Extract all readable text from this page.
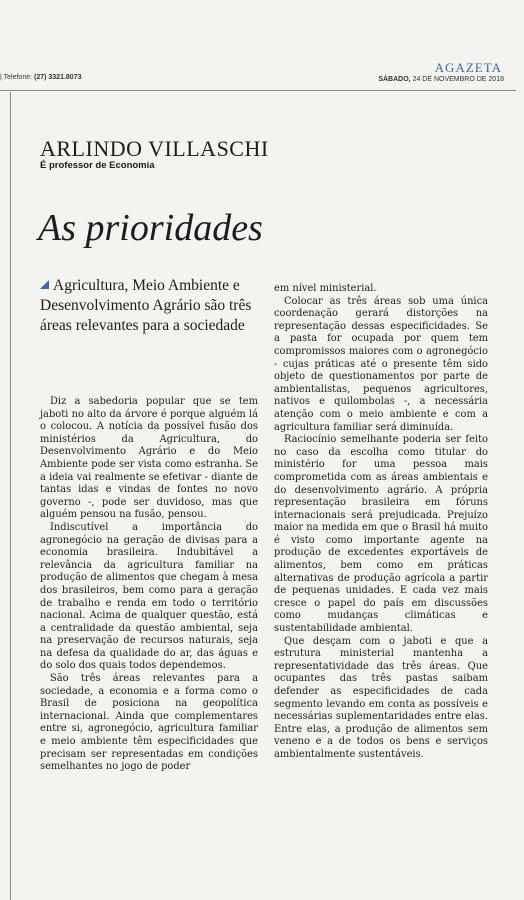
AGAZETA
SÁBADO, 24 DE NOVEMBRO DE 2018
| Telefone: (27) 3321.8073
ARLINDO VILLASCHI
É professor de Economia
As prioridades
Agricultura, Meio Ambiente e Desenvolvimento Agrário são três áreas relevantes para a sociedade

Diz a sabedoria popular que se tem jaboti no alto da árvore é porque alguém lá o colocou. A notícia da possível fusão dos ministérios da Agricultura, do Desenvolvimento Agrário e do Meio Ambiente pode ser vista como estranha. Se a ideia vai realmente se efetivar - diante de tantas idas e vindas de fontes no novo governo -, pode ser duvidoso, mas que alguém pensou na fusão, pensou.

Indiscutível a importância do agronegócio na geração de divisas para a economia brasileira. Indubitável a relevância da agricultura familiar na produção de alimentos que chegam à mesa dos brasileiros, bem como para a geração de trabalho e renda em todo o território nacional. Acima de qualquer questão, está a centralidade da questão ambiental, seja na preservação de recursos naturais, seja na defesa da qualidade do ar, das águas e do solo dos quais todos dependemos.

São três áreas relevantes para a sociedade, a economia e a forma como o Brasil de posiciona na geopolítica internacional. Ainda que complementares entre si, agronegócio, agricultura familiar e meio ambiente têm especificidades que precisam ser representadas em condições semelhantes no jogo de poder

em nível ministerial.

Colocar as três áreas sob uma única coordenação gerará distorções na representação dessas especificidades. Se a pasta for ocupada por quem tem compromissos maiores com o agronegócio - cujas práticas até o presente têm sido objeto de questionamentos por parte de ambientalistas, pequenos agricultores, nativos e quilombolas -, a necessária atenção com o meio ambiente e com a agricultura familiar será diminuída.

Raciocínio semelhante poderia ser feito no caso da escolha como titular do ministério for uma pessoa mais comprometida com as áreas ambientais e do desenvolvimento agrário. A própria representação brasileira em fóruns internacionais será prejudicada. Prejuízo maior na medida em que o Brasil há muito é visto como importante agente na produção de excedentes exportáveis de alimentos, bem como em práticas alternativas de produção agrícola a partir de pequenas unidades. E cada vez mais cresce o papel do país em discussões como mudanças climáticas e sustentabilidade ambiental.

Que desçam com o jaboti e que a estrutura ministerial mantenha a representatividade das três áreas. Que ocupantes das três pastas saibam defender as especificidades de cada segmento levando em conta as possíveis e necessárias suplementaridades entre elas. Entre elas, a produção de alimentos sem veneno e a de todos os bens e serviços ambientalmente sustentáveis.
